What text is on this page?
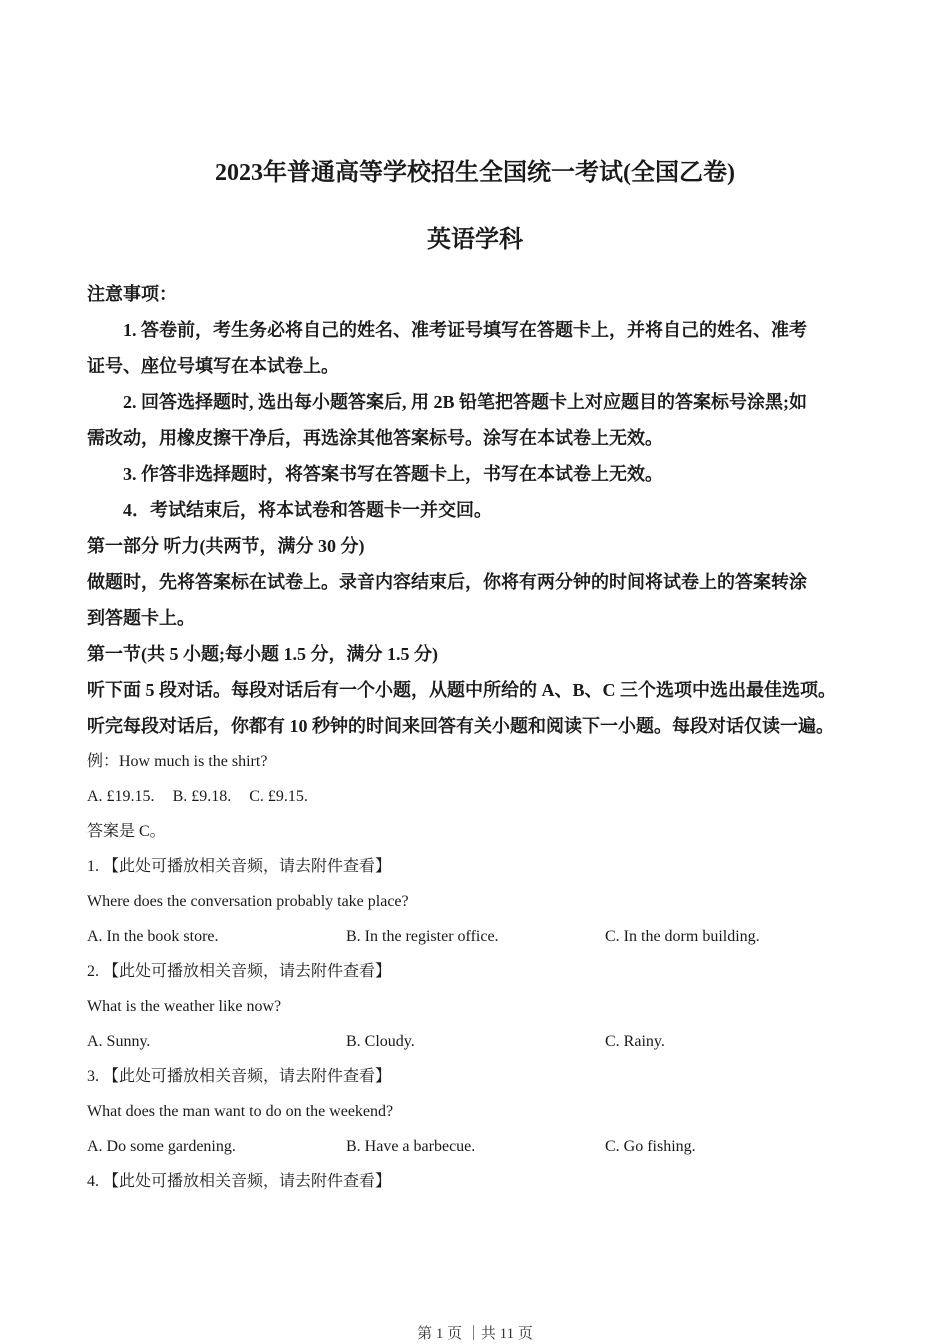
2023年普通高等学校招生全国统一考试(全国乙卷)
英语学科

注意事项：

1. 答卷前，考生务必将自己的姓名、准考证号填写在答题卡上，并将自己的姓名、准考

证号、座位号填写在本试卷上。

2. 回答选择题时, 选出每小题答案后, 用 2B 铅笔把答题卡上对应题目的答案标号涂黑;如

需改动，用橡皮擦干净后，再选涂其他答案标号。涂写在本试卷上无效。

3. 作答非选择题时，将答案书写在答题卡上，书写在本试卷上无效。

4．考试结束后，将本试卷和答题卡一并交回。

第一部分 听力(共两节，满分 30 分)

做题时，先将答案标在试卷上。录音内容结束后，你将有两分钟的时间将试卷上的答案转涂

到答题卡上。

第一节(共 5 小题;每小题 1.5 分，满分 1.5 分)

听下面 5 段对话。每段对话后有一个小题，从题中所给的 A、B、C 三个选项中选出最佳选项。

听完每段对话后，你都有 10 秒钟的时间来回答有关小题和阅读下一小题。每段对话仅读一遍。

例：How much is the shirt?

A. £19.15. B. £9.18. C. £9.15.

答案是 C。

1. 【此处可播放相关音频，请去附件查看】

Where does the conversation probably take place?

A. In the book store.	B. In the register office.	C. In the dorm building.

2. 【此处可播放相关音频，请去附件查看】

What is the weather like now?

A. Sunny.	B. Cloudy.	C. Rainy.

3. 【此处可播放相关音频，请去附件查看】

What does the man want to do on the weekend?

A. Do some gardening.	B. Have a barbecue.	C. Go fishing.

4. 【此处可播放相关音频，请去附件查看】

第 1 页 ｜共 11 页
